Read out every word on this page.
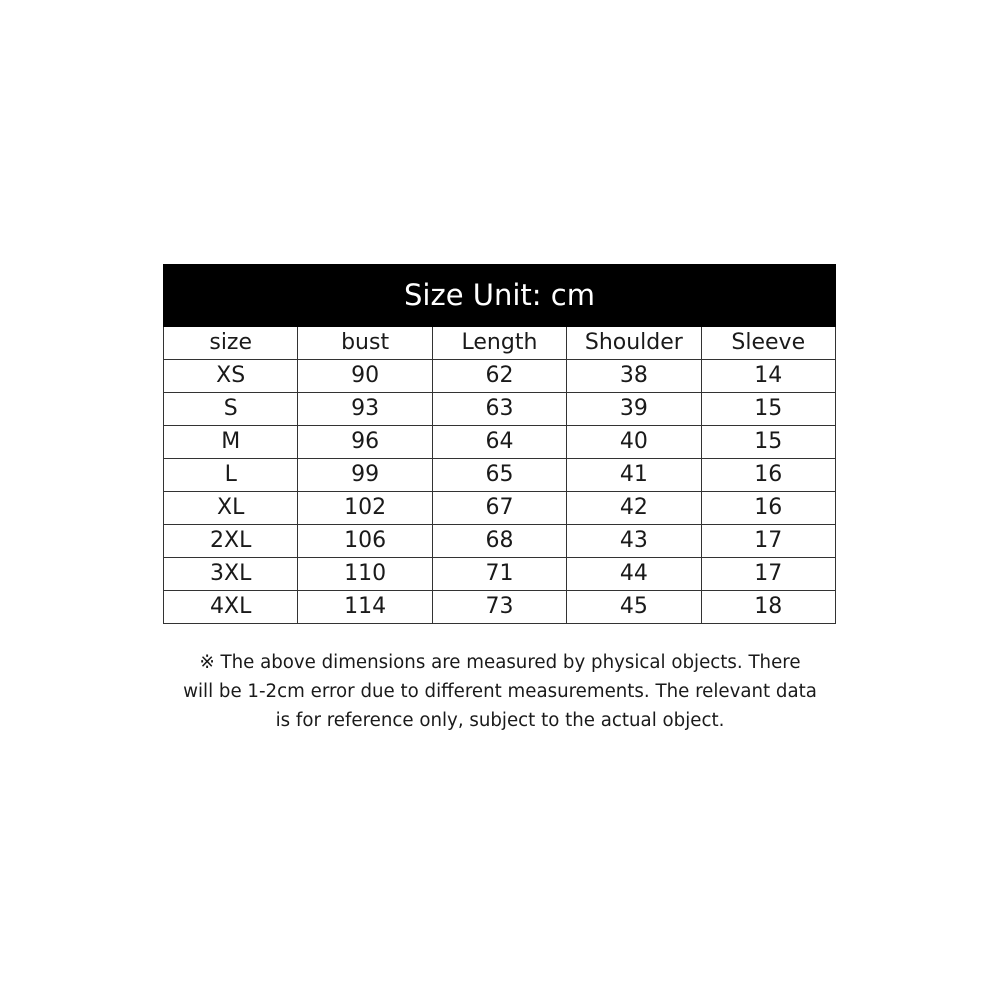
Size Unit: cm				
size	bust	Length	Shoulder	Sleeve
XS	90	62	38	14
S	93	63	39	15
M	96	64	40	15
L	99	65	41	16
XL	102	67	42	16
2XL	106	68	43	17
3XL	110	71	44	17
4XL	114	73	45	18

※ The above dimensions are measured by physical objects. There
will be 1-2cm error due to different measurements. The relevant data
is for reference only, subject to the actual object.
